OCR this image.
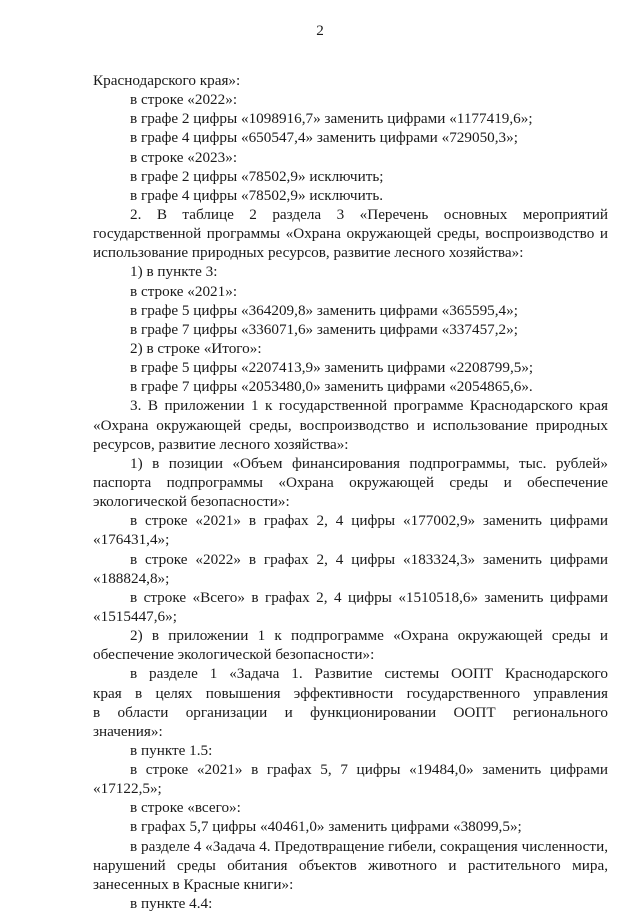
2
Краснодарского края»:
в строке «2022»:
в графе 2 цифры «1098916,7» заменить цифрами «1177419,6»;
в графе 4 цифры «650547,4» заменить цифрами «729050,3»;
в строке «2023»:
в графе 2 цифры «78502,9» исключить;
в графе 4 цифры «78502,9» исключить.
2. В таблице 2 раздела 3 «Перечень основных мероприятий
государственной программы «Охрана окружающей среды, воспроизводство и
использование природных ресурсов, развитие лесного хозяйства»:
1) в пункте 3:
в строке «2021»:
в графе 5 цифры «364209,8» заменить цифрами «365595,4»;
в графе 7 цифры «336071,6» заменить цифрами «337457,2»;
2) в строке «Итого»:
в графе 5 цифры «2207413,9» заменить цифрами «2208799,5»;
в графе 7 цифры «2053480,0» заменить цифрами «2054865,6».
3. В приложении 1 к государственной программе Краснодарского края
«Охрана окружающей среды, воспроизводство и использование природных
ресурсов, развитие лесного хозяйства»:
1) в позиции «Объем финансирования подпрограммы, тыс. рублей»
паспорта подпрограммы «Охрана окружающей среды и обеспечение
экологической безопасности»:
в строке «2021» в графах 2, 4 цифры «177002,9» заменить цифрами
«176431,4»;
в строке «2022» в графах 2, 4 цифры «183324,3» заменить цифрами
«188824,8»;
в строке «Всего» в графах 2, 4 цифры «1510518,6» заменить цифрами
«1515447,6»;
2) в приложении 1 к подпрограмме «Охрана окружающей среды и
обеспечение экологической безопасности»:
в разделе 1 «Задача 1. Развитие системы ООПТ Краснодарского
края в целях повышения эффективности государственного управления
в области организации и функционировании ООПТ регионального
значения»:
в пункте 1.5:
в строке «2021» в графах 5, 7 цифры «19484,0» заменить цифрами
«17122,5»;
в строке «всего»:
в графах 5,7 цифры «40461,0» заменить цифрами «38099,5»;
в разделе 4 «Задача 4. Предотвращение гибели, сокращения численности,
нарушений среды обитания объектов животного и растительного мира,
занесенных в Красные книги»:
в пункте 4.4:
